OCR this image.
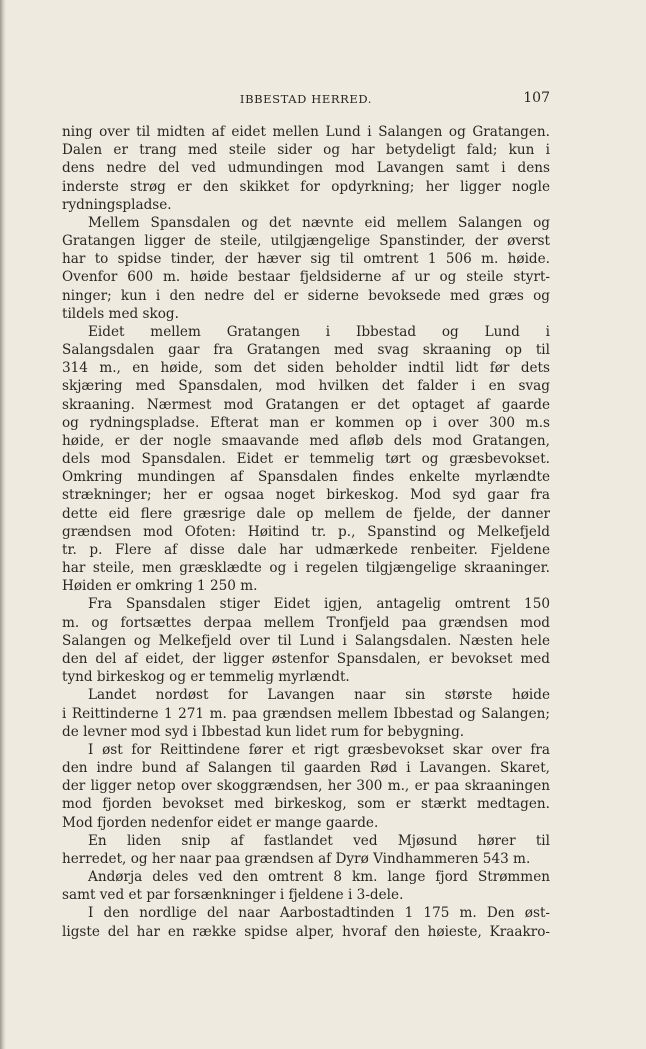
IBBESTAD HERRED.	107
ning over til midten af eidet mellen Lund i Salangen og Gratangen.
Dalen er trang med steile sider og har betydeligt fald; kun i
dens nedre del ved udmundingen mod Lavangen samt i dens
inderste strøg er den skikket for opdyrkning; her ligger nogle
rydningspladse.
Mellem Spansdalen og det nævnte eid mellem Salangen og
Gratangen ligger de steile, utilgjængelige Spanstinder, der øverst
har to spidse tinder, der hæver sig til omtrent 1 506 m. høide.
Ovenfor 600 m. høide bestaar fjeldsiderne af ur og steile styrt-
ninger; kun i den nedre del er siderne bevoksede med græs og
tildels med skog.
Eidet mellem Gratangen i Ibbestad og Lund i
Salangsdalen gaar fra Gratangen med svag skraaning op til
314 m., en høide, som det siden beholder indtil lidt før dets
skjæring med Spansdalen, mod hvilken det falder i en svag
skraaning. Nærmest mod Gratangen er det optaget af gaarde
og rydningspladse. Efterat man er kommen op i over 300 m.s
høide, er der nogle smaavande med afløb dels mod Gratangen,
dels mod Spansdalen. Eidet er temmelig tørt og græsbevokset.
Omkring mundingen af Spansdalen findes enkelte myrlændte
strækninger; her er ogsaa noget birkeskog. Mod syd gaar fra
dette eid flere græsrige dale op mellem de fjelde, der danner
grændsen mod Ofoten: Høitind tr. p., Spanstind og Melkefjeld
tr. p. Flere af disse dale har udmærkede renbeiter. Fjeldene
har steile, men græsklædte og i regelen tilgjængelige skraaninger.
Høiden er omkring 1 250 m.
Fra Spansdalen stiger Eidet igjen, antagelig omtrent 150
m. og fortsættes derpaa mellem Tronfjeld paa grændsen mod
Salangen og Melkefjeld over til Lund i Salangsdalen. Næsten hele
den del af eidet, der ligger østenfor Spansdalen, er bevokset med
tynd birkeskog og er temmelig myrlændt.
Landet nordøst for Lavangen naar sin største høide
i Reittinderne 1 271 m. paa grændsen mellem Ibbestad og Salangen;
de levner mod syd i Ibbestad kun lidet rum for bebygning.
I øst for Reittindene fører et rigt græsbevokset skar over fra
den indre bund af Salangen til gaarden Rød i Lavangen. Skaret,
der ligger netop over skoggrændsen, her 300 m., er paa skraaningen
mod fjorden bevokset med birkeskog, som er stærkt medtagen.
Mod fjorden nedenfor eidet er mange gaarde.
En liden snip af fastlandet ved Mjøsund hører til
herredet, og her naar paa grændsen af Dyrø Vindhammeren 543 m.
Andørja deles ved den omtrent 8 km. lange fjord Strømmen
samt ved et par forsænkninger i fjeldene i 3-dele.
I den nordlige del naar Aarbostadtinden 1 175 m. Den øst-
ligste del har en række spidse alper, hvoraf den høieste, Kraakro-
